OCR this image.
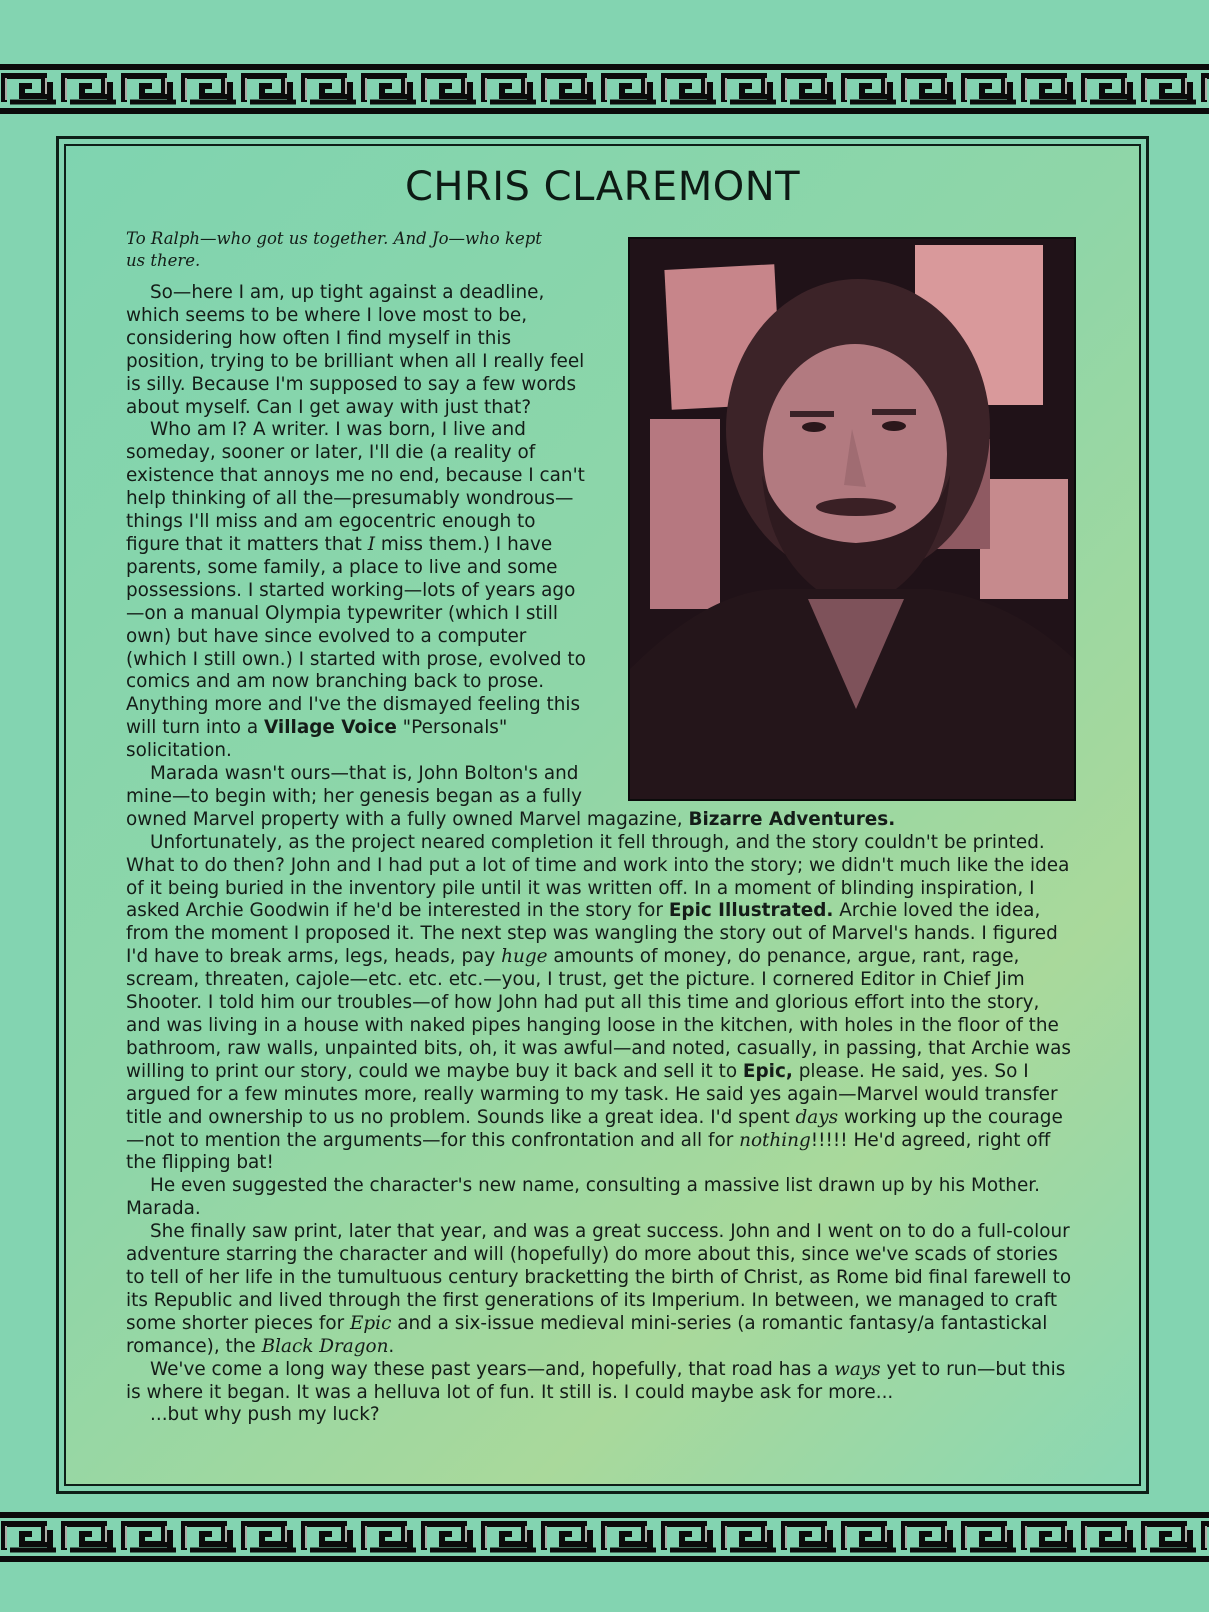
CHRIS CLAREMONT

To Ralph—who got us together. And Jo—who kept us there.

So—here I am, up tight against a deadline, which seems to be where I love most to be, considering how often I find myself in this position, trying to be brilliant when all I really feel is silly. Because I'm supposed to say a few words about myself. Can I get away with just that?

Who am I? A writer. I was born, I live and someday, sooner or later, I'll die (a reality of existence that annoys me no end, because I can't help thinking of all the—presumably wondrous—things I'll miss and am egocentric enough to figure that it matters that I miss them.) I have parents, some family, a place to live and some possessions. I started working—lots of years ago—on a manual Olympia typewriter (which I still own) but have since evolved to a computer (which I still own.) I started with prose, evolved to comics and am now branching back to prose. Anything more and I've the dismayed feeling this will turn into a Village Voice "Personals" solicitation.

Marada wasn't ours—that is, John Bolton's and mine—to begin with; her genesis began as a fully owned Marvel property with a fully owned Marvel magazine, Bizarre Adventures.

Unfortunately, as the project neared completion it fell through, and the story couldn't be printed. What to do then? John and I had put a lot of time and work into the story; we didn't much like the idea of it being buried in the inventory pile until it was written off. In a moment of blinding inspiration, I asked Archie Goodwin if he'd be interested in the story for Epic Illustrated. Archie loved the idea, from the moment I proposed it. The next step was wangling the story out of Marvel's hands. I figured I'd have to break arms, legs, heads, pay huge amounts of money, do penance, argue, rant, rage, scream, threaten, cajole—etc. etc. etc.—you, I trust, get the picture. I cornered Editor in Chief Jim Shooter. I told him our troubles—of how John had put all this time and glorious effort into the story, and was living in a house with naked pipes hanging loose in the kitchen, with holes in the floor of the bathroom, raw walls, unpainted bits, oh, it was awful—and noted, casually, in passing, that Archie was willing to print our story, could we maybe buy it back and sell it to Epic, please. He said, yes. So I argued for a few minutes more, really warming to my task. He said yes again—Marvel would transfer title and ownership to us no problem. Sounds like a great idea. I'd spent days working up the courage—not to mention the arguments—for this confrontation and all for nothing!!!!! He'd agreed, right off the flipping bat!

He even suggested the character's new name, consulting a massive list drawn up by his Mother. Marada.

She finally saw print, later that year, and was a great success. John and I went on to do a full-colour adventure starring the character and will (hopefully) do more about this, since we've scads of stories to tell of her life in the tumultuous century bracketting the birth of Christ, as Rome bid final farewell to its Republic and lived through the first generations of its Imperium. In between, we managed to craft some shorter pieces for Epic and a six-issue medieval mini-series (a romantic fantasy/a fantastickal romance), the Black Dragon.

We've come a long way these past years—and, hopefully, that road has a ways yet to run—but this is where it began. It was a helluva lot of fun. It still is. I could maybe ask for more...

...but why push my luck?
